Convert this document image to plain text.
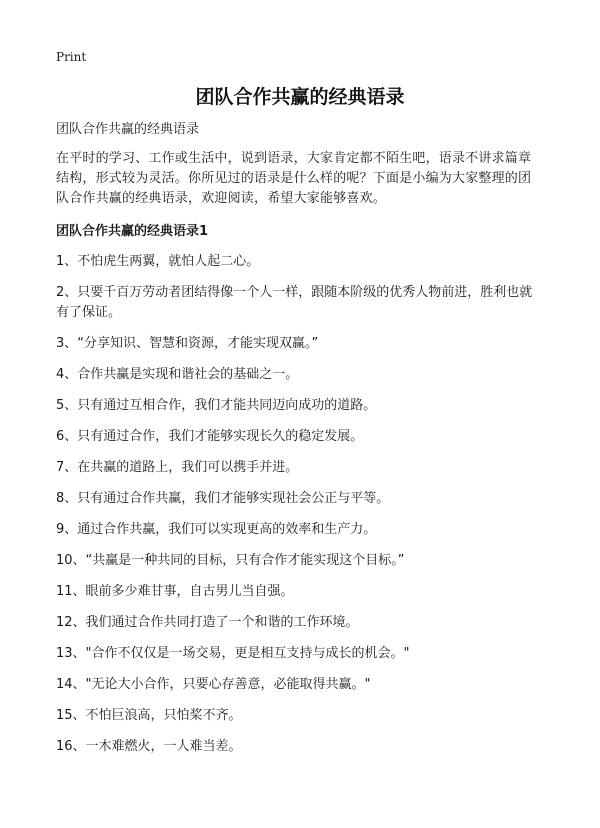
Print
团队合作共赢的经典语录
团队合作共赢的经典语录

在平时的学习、工作或生活中，说到语录，大家肯定都不陌生吧，语录不讲求篇章结构，形式较为灵活。你所见过的语录是什么样的呢？下面是小编为大家整理的团队合作共赢的经典语录，欢迎阅读，希望大家能够喜欢。

团队合作共赢的经典语录1
1、不怕虎生两翼，就怕人起二心。
2、只要千百万劳动者团结得像一个人一样，跟随本阶级的优秀人物前进，胜利也就有了保证。
3、“分享知识、智慧和资源，才能实现双赢。”
4、合作共赢是实现和谐社会的基础之一。
5、只有通过互相合作，我们才能共同迈向成功的道路。
6、只有通过合作，我们才能够实现长久的稳定发展。
7、在共赢的道路上，我们可以携手并进。
8、只有通过合作共赢，我们才能够实现社会公正与平等。
9、通过合作共赢，我们可以实现更高的效率和生产力。
10、“共赢是一种共同的目标，只有合作才能实现这个目标。”
11、眼前多少难甘事，自古男儿当自强。
12、我们通过合作共同打造了一个和谐的工作环境。
13、"合作不仅仅是一场交易，更是相互支持与成长的机会。"
14、"无论大小合作，只要心存善意，必能取得共赢。"
15、不怕巨浪高，只怕桨不齐。
16、一木难燃火，一人难当差。
